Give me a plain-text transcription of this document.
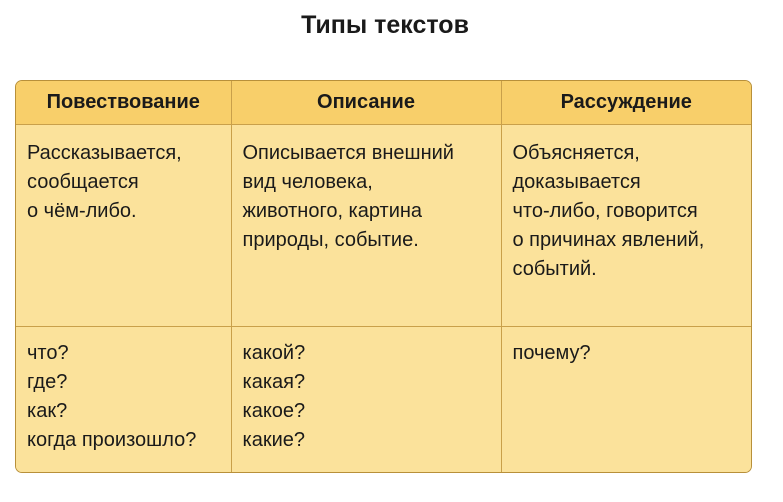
Типы текстов
Повествование	Описание	Рассуждение

Рассказывается,
сообщается
о чём-либо.	Описывается внешний
вид человека,
животного, картина
природы, событие.	Объясняется,
доказывается
что-либо, говорится
о причинах явлений,
событий.

что?
где?
как?
когда произошло?	какой?
какая?
какое?
какие?	почему?
